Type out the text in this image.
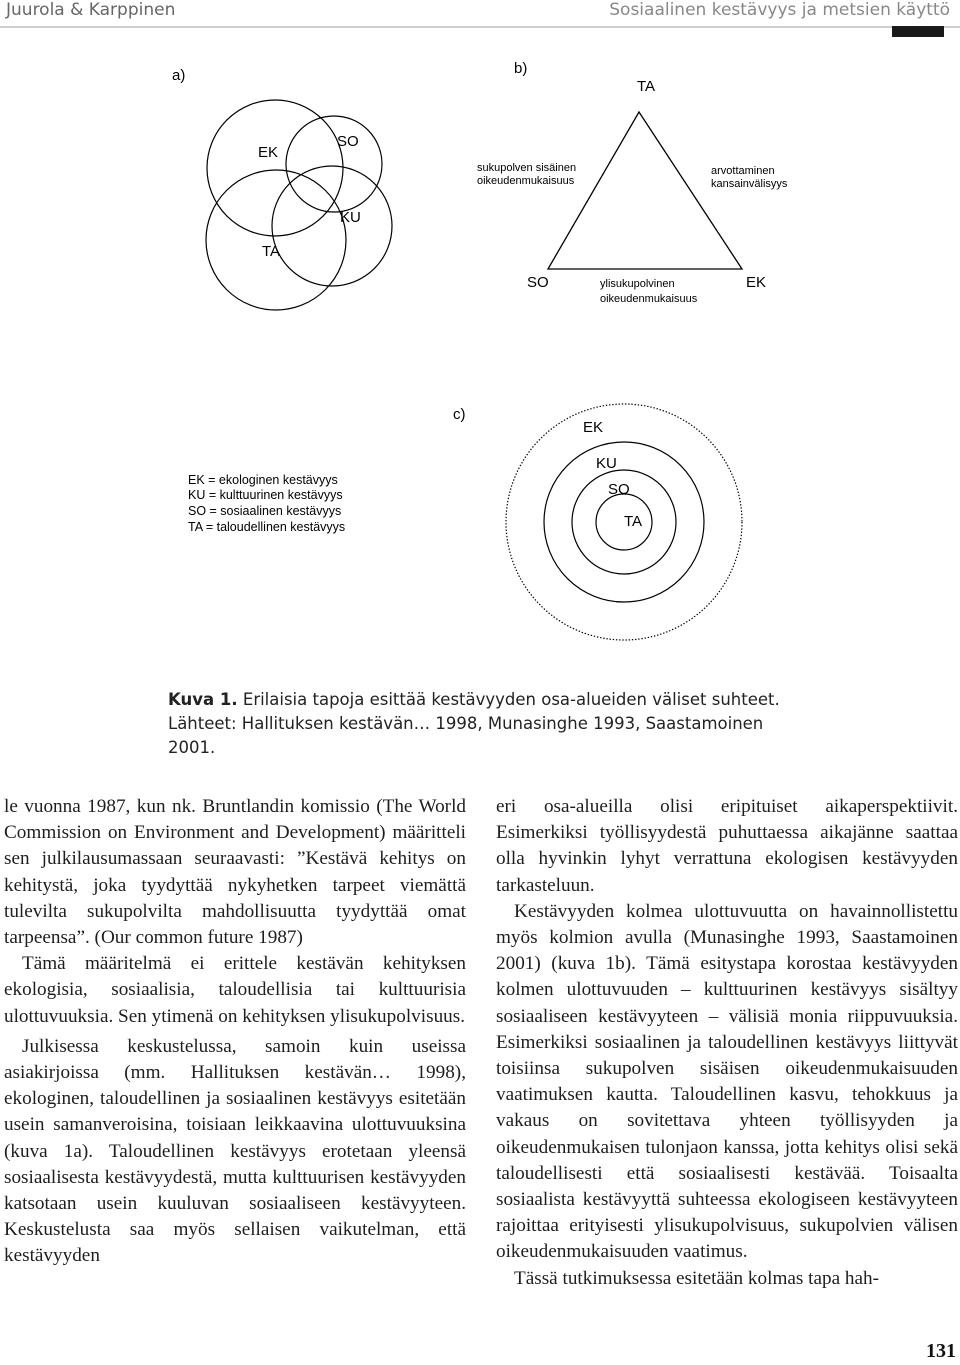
Juurola & Karppinen	Sosiaalinen kestävyys ja metsien käyttö
a)
EK
SO
KU
TA
b)
TA
SO	EK
sukupolven sisäinen
oikeudenmukaisuus
arvottaminen
kansainvälisyys
ylisukupolvinen
oikeudenmukaisuus
EK = ekologinen kestävyys
KU = kulttuurinen kestävyys
SO = sosiaalinen kestävyys
TA = taloudellinen kestävyys
c)
EK
KU
SO
TA
Kuva 1. Erilaisia tapoja esittää kestävyyden osa-alueiden väliset suhteet. Lähteet: Hallituksen kestävän… 1998, Munasinghe 1993, Saastamoinen 2001.

le vuonna 1987, kun nk. Bruntlandin komissio (The World Commission on Environment and Development) määritteli sen julkilausumassaan seuraavasti: ”Kestävä kehitys on kehitystä, joka tyydyttää nykyhetken tarpeet viemättä tulevilta sukupolvilta mahdollisuutta tyydyttää omat tarpeensa”. (Our common future 1987)

Tämä määritelmä ei erittele kestävän kehityksen ekologisia, sosiaalisia, taloudellisia tai kulttuurisia ulottuvuuksia. Sen ytimenä on kehityksen ylisukupolvisuus.

Julkisessa keskustelussa, samoin kuin useissa asiakirjoissa (mm. Hallituksen kestävän… 1998), ekologinen, taloudellinen ja sosiaalinen kestävyys esitetään usein samanveroisina, toisiaan leikkaavina ulottuvuuksina (kuva 1a). Taloudellinen kestävyys erotetaan yleensä sosiaalisesta kestävyydestä, mutta kulttuurisen kestävyyden katsotaan usein kuuluvan sosiaaliseen kestävyyteen. Keskustelusta saa myös sellaisen vaikutelman, että kestävyyden

eri osa-alueilla olisi eripituiset aikaperspektiivit. Esimerkiksi työllisyydestä puhuttaessa aikajänne saattaa olla hyvinkin lyhyt verrattuna ekologisen kestävyyden tarkasteluun.

Kestävyyden kolmea ulottuvuutta on havainnollistettu myös kolmion avulla (Munasinghe 1993, Saastamoinen 2001) (kuva 1b). Tämä esitystapa korostaa kestävyyden kolmen ulottuvuuden – kulttuurinen kestävyys sisältyy sosiaaliseen kestävyyteen – välisiä monia riippuvuuksia. Esimerkiksi sosiaalinen ja taloudellinen kestävyys liittyvät toisiinsa sukupolven sisäisen oikeudenmukaisuuden vaatimuksen kautta. Taloudellinen kasvu, tehokkuus ja vakaus on sovitettava yhteen työllisyyden ja oikeudenmukaisen tulonjaon kanssa, jotta kehitys olisi sekä taloudellisesti että sosiaalisesti kestävää. Toisaalta sosiaalista kestävyyttä suhteessa ekologiseen kestävyyteen rajoittaa erityisesti ylisukupolvisuus, sukupolvien välisen oikeudenmukaisuuden vaatimus.

Tässä tutkimuksessa esitetään kolmas tapa hah-

131
